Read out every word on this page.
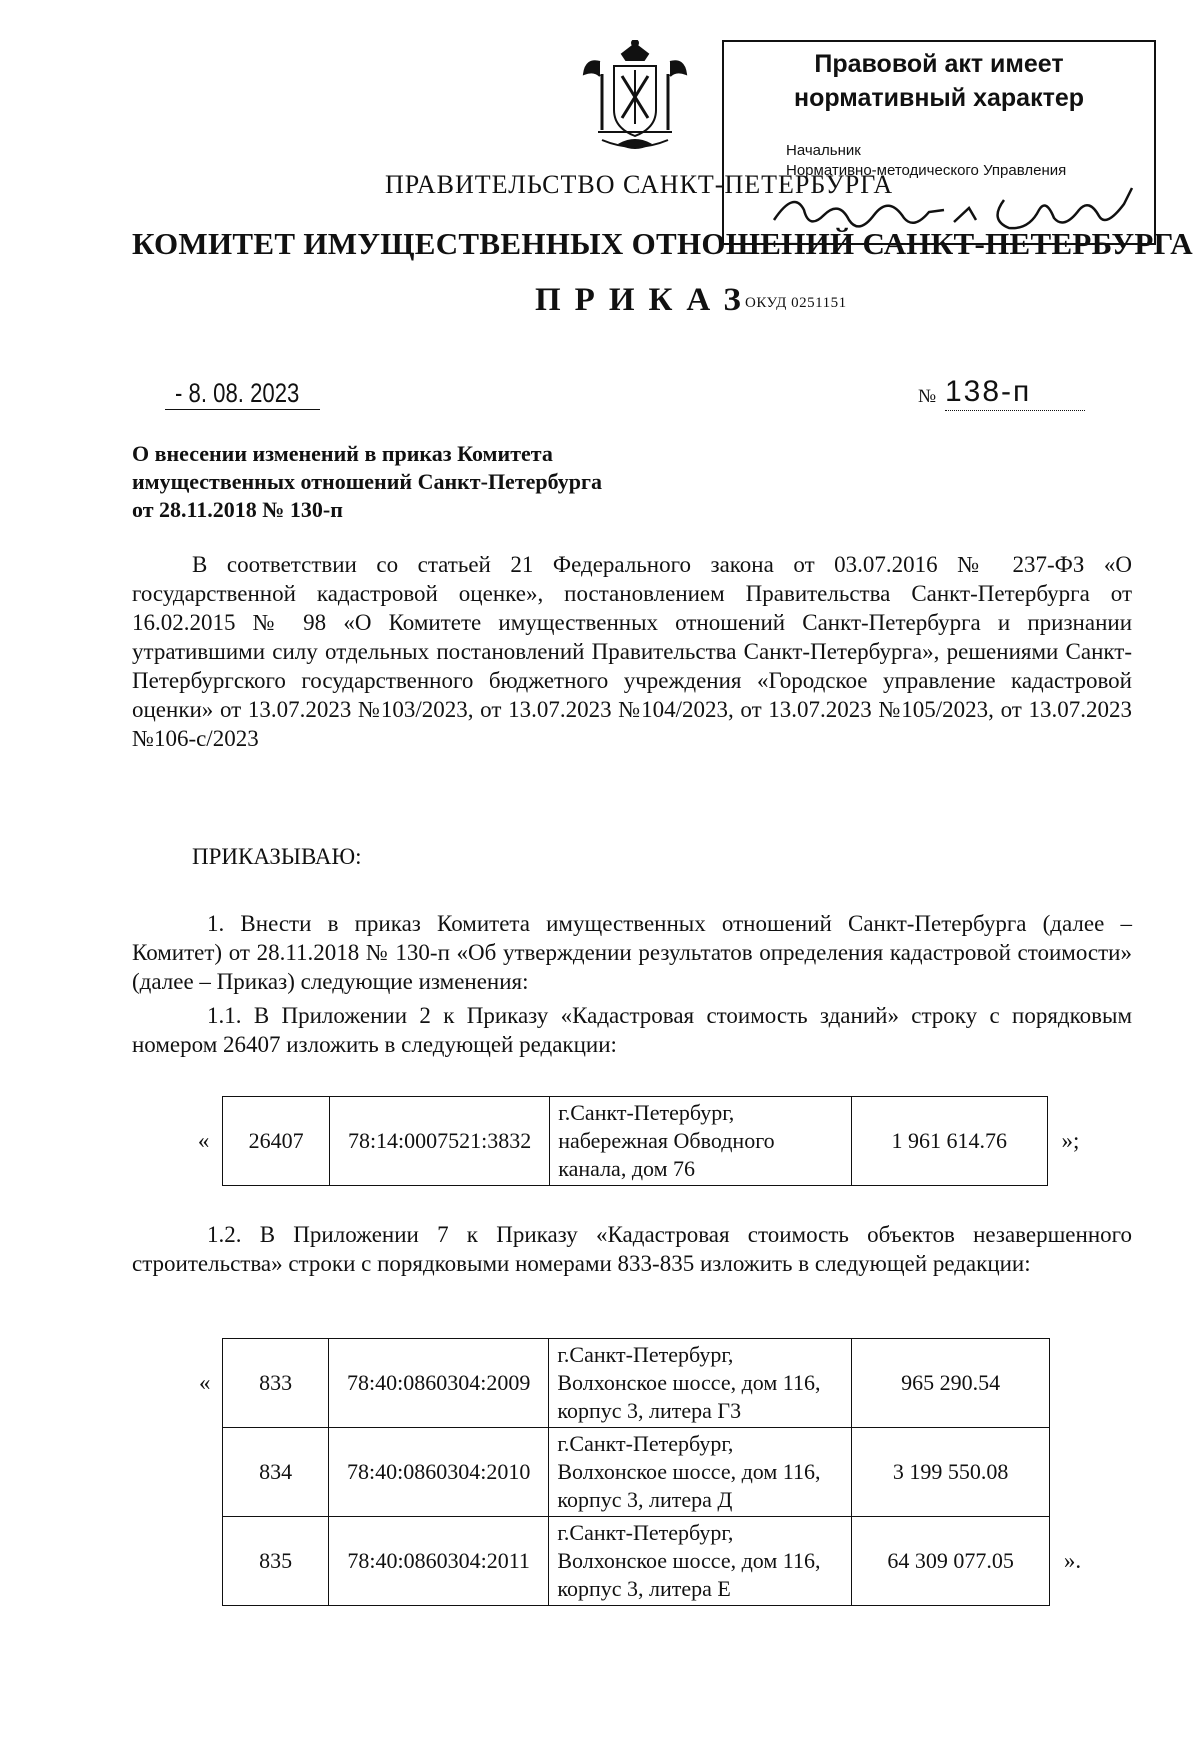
Правовой акт имеет
нормативный характер
Начальник
Нормативно-методического Управления
ПРАВИТЕЛЬСТВО САНКТ-ПЕТЕРБУРГА
КОМИТЕТ ИМУЩЕСТВЕННЫХ ОТНОШЕНИЙ САНКТ-ПЕТЕРБУРГА
ПРИКАЗ
ОКУД 0251151
- 8. 08. 2023	№ 138-п
О внесении изменений в приказ Комитета
имущественных отношений Санкт-Петербурга
от 28.11.2018 № 130-п
В соответствии со статьей 21 Федерального закона от 03.07.2016 № 237-ФЗ «О государственной кадастровой оценке», постановлением Правительства Санкт-Петербурга от 16.02.2015 № 98 «О Комитете имущественных отношений Санкт-Петербурга и признании утратившими силу отдельных постановлений Правительства Санкт-Петербурга», решениями Санкт-Петербургского государственного бюджетного учреждения «Городское управление кадастровой оценки» от 13.07.2023 №103/2023, от 13.07.2023 №104/2023, от 13.07.2023 №105/2023, от 13.07.2023 №106-с/2023
ПРИКАЗЫВАЮ:
1. Внести в приказ Комитета имущественных отношений Санкт-Петербурга (далее – Комитет) от 28.11.2018 № 130-п «Об утверждении результатов определения кадастровой стоимости» (далее – Приказ) следующие изменения:
1.1. В Приложении 2 к Приказу «Кадастровая стоимость зданий» строку с порядковым номером 26407 изложить в следующей редакции:
«	26407	78:14:0007521:3832	г.Санкт-Петербург, набережная Обводного канала, дом 76	1 961 614.76	»;
1.2. В Приложении 7 к Приказу «Кадастровая стоимость объектов незавершенного строительства» строки с порядковыми номерами 833-835 изложить в следующей редакции:
«	833	78:40:0860304:2009	г.Санкт-Петербург, Волхонское шоссе, дом 116, корпус 3, литера Г3	965 290.54	
	834	78:40:0860304:2010	г.Санкт-Петербург, Волхонское шоссе, дом 116, корпус 3, литера Д	3 199 550.08	
	835	78:40:0860304:2011	г.Санкт-Петербург, Волхонское шоссе, дом 116, корпус 3, литера Е	64 309 077.05	».
